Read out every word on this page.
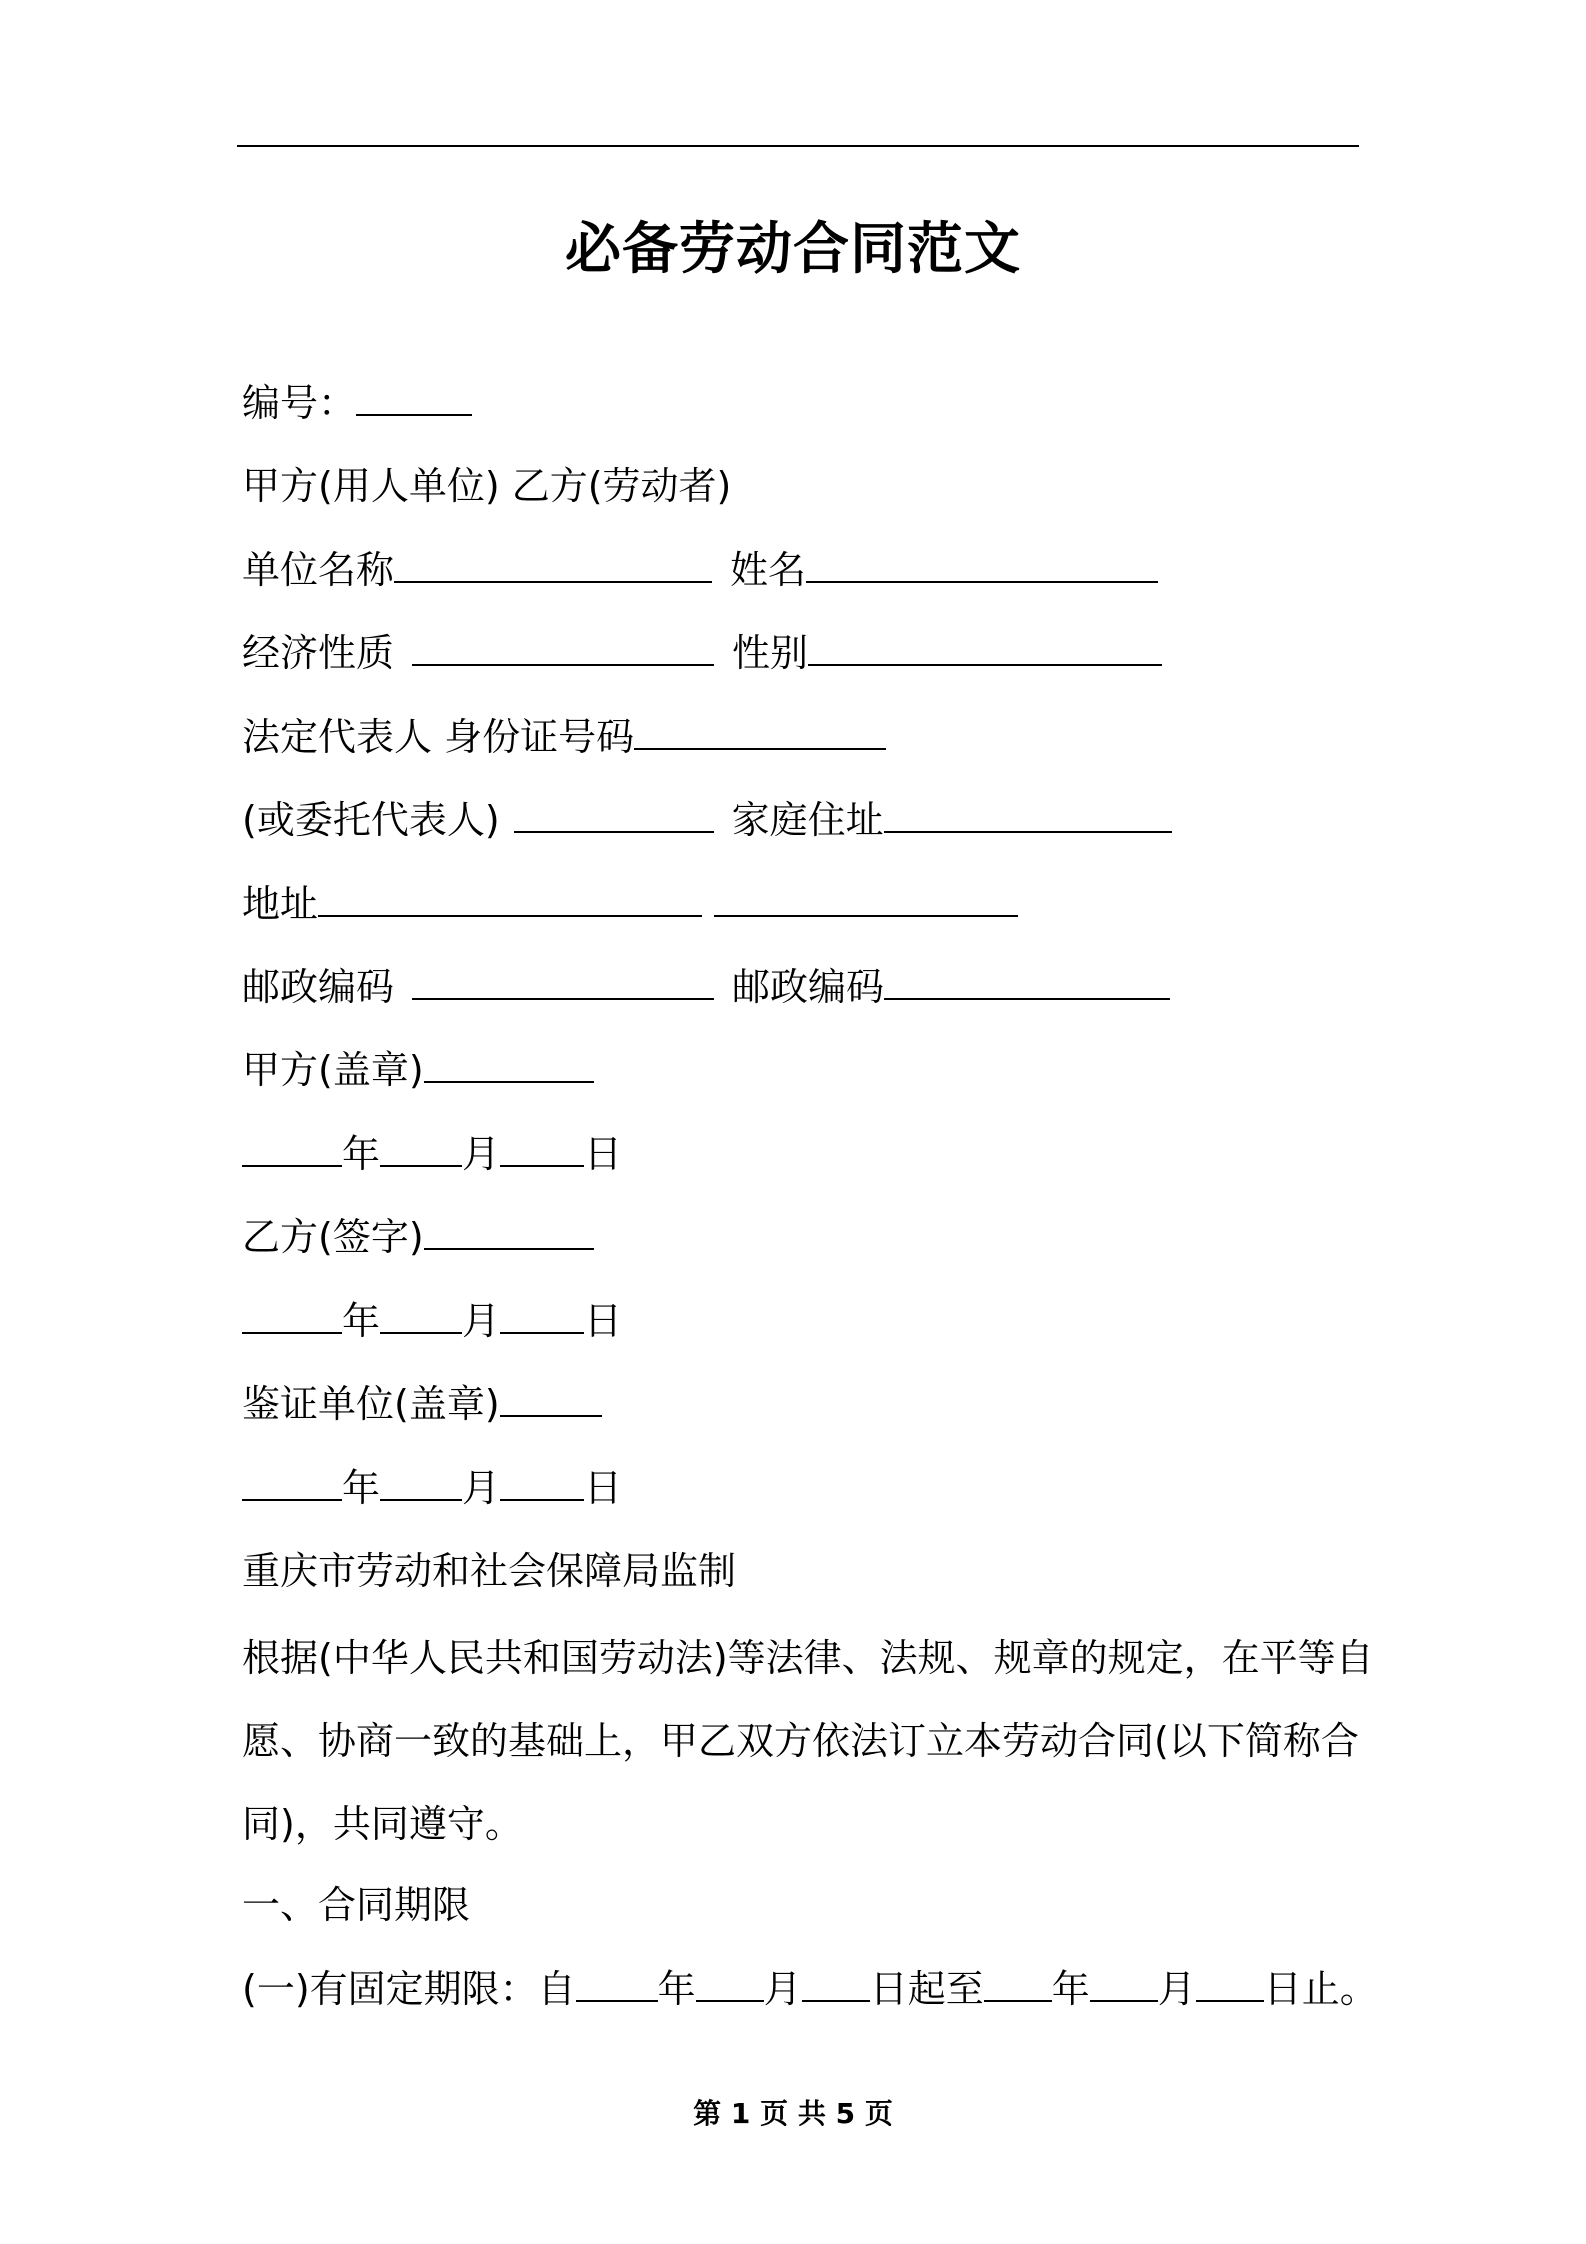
必备劳动合同范文
编号：
甲方(用人单位) 乙方(劳动者)
单位名称	姓名
经济性质	性别
法定代表人 身份证号码
(或委托代表人)	家庭住址
地址
邮政编码	邮政编码
甲方(盖章)
年 月 日
乙方(签字)
年 月 日
鉴证单位(盖章)
年 月 日
重庆市劳动和社会保障局监制
根据(中华人民共和国劳动法)等法律、法规、规章的规定，在平等自
愿、协商一致的基础上，甲乙双方依法订立本劳动合同(以下简称合
同)，共同遵守。
一、合同期限
(一)有固定期限：自 年 月 日起至 年 月 日止。
第 1 页 共 5 页
